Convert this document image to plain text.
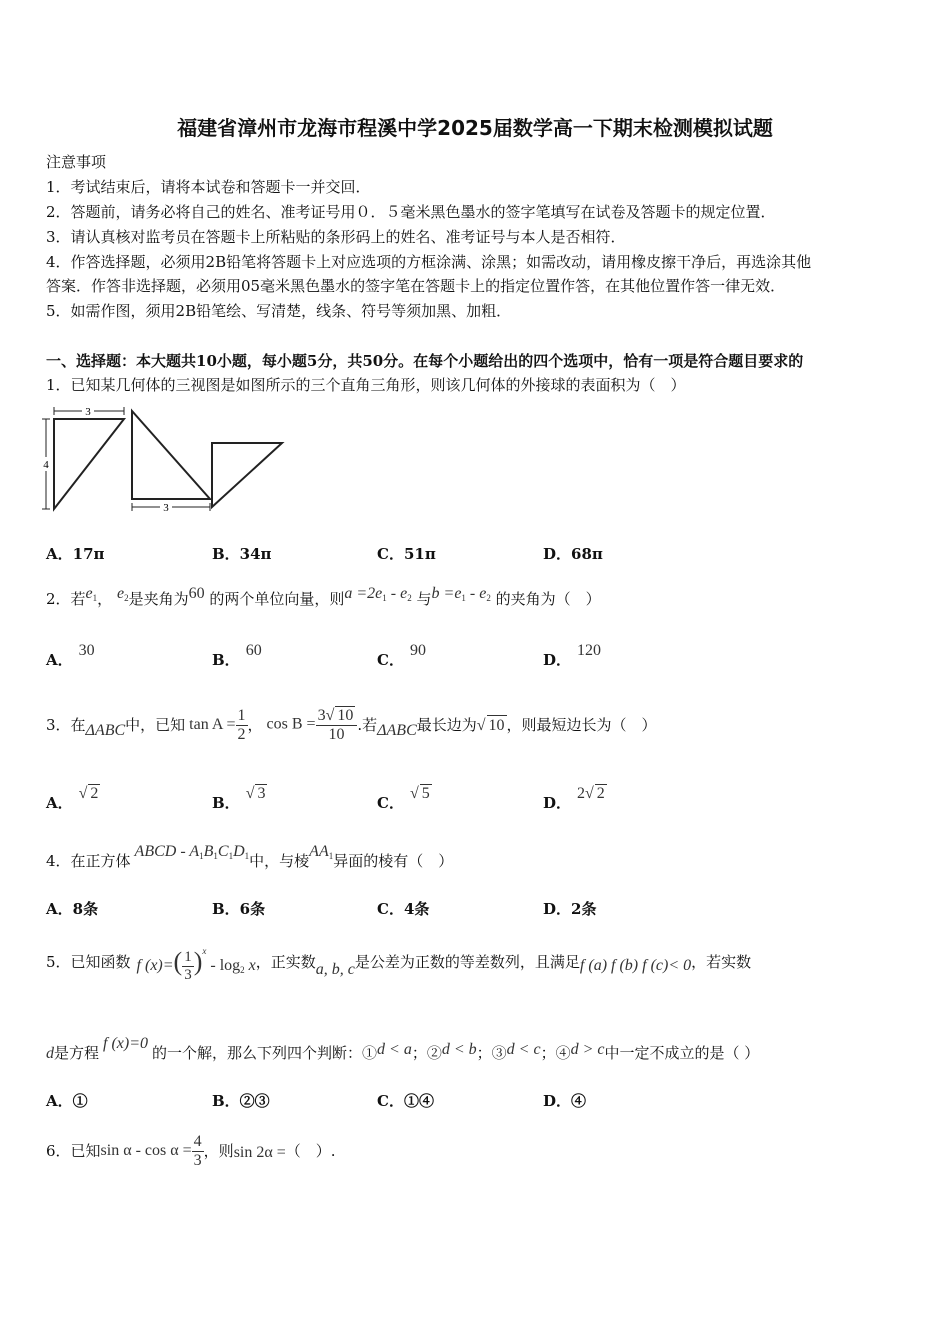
福建省漳州市龙海市程溪中学2025届数学高一下期末检测模拟试题
注意事项
1．考试结束后，请将本试卷和答题卡一并交回．
2．答题前，请务必将自己的姓名、准考证号用０．５毫米黑色墨水的签字笔填写在试卷及答题卡的规定位置．
3．请认真核对监考员在答题卡上所粘贴的条形码上的姓名、准考证号与本人是否相符．
4．作答选择题，必须用2B铅笔将答题卡上对应选项的方框涂满、涂黑；如需改动，请用橡皮擦干净后，再选涂其他
答案．作答非选择题，必须用05毫米黑色墨水的签字笔在答题卡上的指定位置作答，在其他位置作答一律无效．
5．如需作图，须用2B铅笔绘、写清楚，线条、符号等须加黑、加粗．
一、选择题：本大题共10小题，每小题5分，共50分。在每个小题给出的四个选项中，恰有一项是符合题目要求的
1．已知某几何体的三视图是如图所示的三个直角三角形，则该几何体的外接球的表面积为（　）
3
4
3
A．17π	B．34π	C．51π	D．68π
2．若$e_1$， $e_2$是夹角为60 的两个单位向量，则$a =2e_1 - e_2$ 与$b =e_1 - e_2$ 的夹角为（　）
A．30
B．60
C．90
D．120
3．在 ΔABC 中，已知 $\tan A = \frac{1}{2}$ ， $\cos B = \frac{3√ 10}{10}$ .若 ΔABC 最长边为 √ 10 ，则最短边长为（　）
A．√ 2
B．√ 3
C．√ 5
D．2√ 2
4．在正方体ABCD - $A_1B_1C_1D_1$中，与棱$AA_1$异面的棱有（　）
A．8条	B．6条	C．4条	D．2条
5．已知函数 f $(x)=( \frac{1}{3} )^x - \log_2 x$ ，正实数 a, b, c 是公差为正数的等差数列，且满足 f (a) f (b) f (c)< 0 ，若实数
d是方程f (x)=0的一个解，那么下列四个判断：①d < a；②d < b；③d < c；④d > c中一定不成立的是（ ）
A．①	B．②③	C．①④	D．④
6．已知 $\sin \alpha - \cos \alpha = \frac{4}{3}$ ，则 sin 2α = （　）.
